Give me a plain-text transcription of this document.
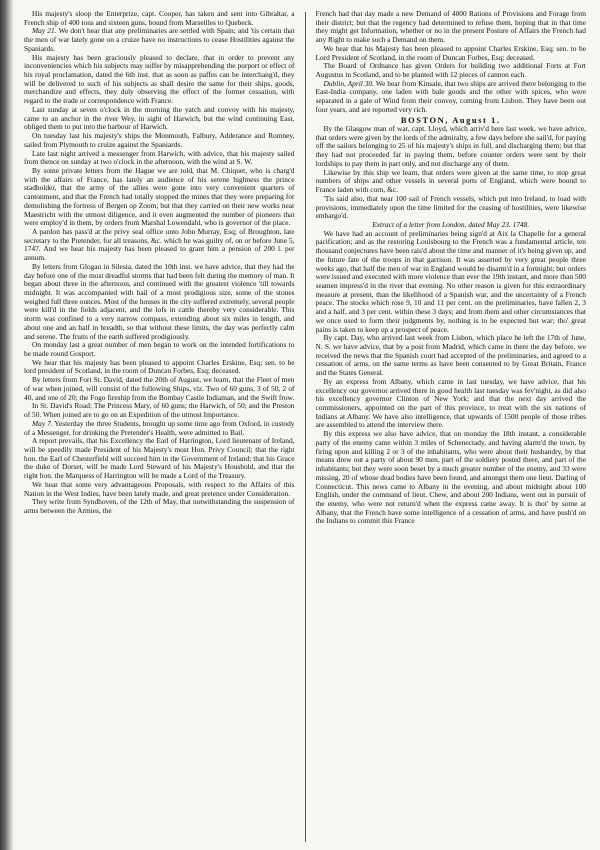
His majesty's sloop the Enterprize, capt. Cooper, has taken and sent into Gibraltar, a French ship of 400 tons and sixteen guns, bound from Marseilles to Quebeck.

May 21. We don't hear that any preliminaries are settled with Spain; and 'tis certain that the men of war lately gone on a cruize have no instructions to cease Hostilities against the Spaniards.

His majesty has been graciously pleased to declare, that in order to prevent any inconveniencies which his subjects may suffer by misapprehending the purport or effect of his royal proclamation, dated the 6th inst. that as soon as paffes can be interchang'd, they will be delivered to such of his subjects as shall desire the same for their ships, goods, merchandize and effects, they duly observing the effect of the former cessation, with regard to the trade or correspondence with France.

Last sunday at seven o'clock in the morning the yatch and convoy with his majesty, came to an anchor in the river Wey, in sight of Harwich, but the wind continuing East, obliged them to put into the harbour of Harwich.

On tuesday last his majesty's ships the Monmouth, Falbury, Adderance and Romney, sailed from Plymouth to cruize against the Spaniards.

Late last night arrived a messenger from Harwich, with advice, that his majesty sailed from thence on sunday at two o'clock in the afternoon, with the wind at S. W.

By some private letters from the Hague we are told, that M. Chiquet, who is charg'd with the affairs of France, has lately an audience of his serene highness the prince stadholder, that the army of the allies were gone into very convenient quarters of cantonment, and that the French had totally stopped the mines that they were preparing for demolishing the fortress of Bergen op Zoom; but that they carried on their new works near Maestricht with the utmost diligence, and it even augmented the number of pioneers that were employ'd in them, by orders from Marshal Lowendahl, who is governor of the place.

A pardon has pass'd at the privy seal office unto John Murray, Esq; of Broughton, late secretary to the Pretender, for all treasons, &c. which he was guilty of, on or before June 5, 1747. And we hear his majesty has been pleased to grant him a pension of 200 l. per annum.

By letters from Glogau in Silesia, dated the 10th inst. we have advice, that they had the day before one of the most dreadful storms that had been felt during the memory of man. It began about three in the afternoon, and continued with the greatest violence 'till towards midnight. It was accompanied with hail of a most prodigious size, some of the stones weighed full three ounces. Most of the houses in the city suffered extremely, several people were kill'd in the fields adjacent, and the lofs in cattle thereby very considerable. This storm was confined to a very narrow compass, extending about six miles in length, and about one and an half in breadth, so that without these limits, the day was perfectly calm and serene. The fruits of the earth suffered prodigiously.

On monday last a great number of men began to work on the intended fortifications to be made round Gosport.

We hear that his majesty has been pleased to appoint Charles Erskine, Esq; sen. to be lord president of Scotland, in the room of Duncan Forbes, Esq; deceased.

By letters from Fort St. David, dated the 20th of August, we learn, that the Fleet of men of war when joined, will consist of the following Ships, viz. Two of 60 guns, 3 of 50, 2 of 40, and one of 20; the Fogo fireship from the Bombay Castle Indiaman, and the Swift frow.

In St. David's Road; The Princess Mary, of 60 guns; the Harwich, of 50; and the Preston of 50. When joined are to go on an Expedition of the utmost Importance.

May 7. Yesterday the three Students, brought up some time ago from Oxford, in custody of a Messenger, for drinking the Pretender's Health, were admitted to Bail.

A report prevails, that his Excellency the Earl of Harrington, Lord lieutenant of Ireland, will be speedily made President of his Majesty's most Hon. Privy Council; that the right hon. the Earl of Chesterfield will succeed him in the Government of Ireland; that his Grace the duke of Dorset, will be made Lord Steward of his Majesty's Houshold, and that the right hon. the Marquess of Harrington will be made a Lord of the Treasury.

We hear that some very advantageous Proposals, with respect to the Affairs of this Nation in the West Indies, have been lately made, and great pretence under Consideration.

They write from Syndhoven, of the 12th of May, that notwithstanding the suspension of arms between the Armies, the

French had that day made a new Demand of 4000 Rations of Provisions and Forage from their district; but that the regency had determined to refuse them, hoping that in that time they might get Information, whether or no in the present Posture of Affairs the French had any Right to make such a Demand on them.

We hear that his Majesty has been pleased to appoint Charles Erskine, Esq; sen. to be Lord President of Scotland, in the room of Duncan Forbes, Esq; deceased.

The Board of Ordnance has given Orders for building two additional Forts at Fort Augustus in Scotland, and to be planted with 12 pieces of cannon each.

Dublin, April 30. We hear from Kinsale, that two ships are arrived there belonging to the East-India company, one laden with bale goods and the other with spices, who were separated in a gale of Wind from their convoy, coming from Lisbon. They have been out four years, and are reported very rich.

BOSTON, August 1.

By the Glasgow man of war, capt. Lloyd, which arriv'd here last week, we have advice, that orders were given by the lords of the admiralty, a few days before she sail'd, for paying off the sailors belonging to 25 of his majesty's ships in full, and discharging them; but that they had not proceeded far in paying them, before counter orders were sent by their lordships to pay them in part only, and not discharge any of them.

Likewise by this ship we learn, that orders were given at the same time, to stop great numbers of ships and other vessels in several ports of England, which were bound to France laden with corn, &c.

'Tis said also, that near 100 sail of French vessels, which put into Ireland, to load with provisions, immediately upon the time limited for the ceasing of hostilities, were likewise embargo'd.

Extract of a letter from London, dated May 23. 1748.

We have had an account of preliminaries being sign'd at Aix la Chapelle for a general pacification; and as the restoring Louisbourg to the French was a fundamental article, ten thousand conjectures have been rais'd about the time and manner of it's being given up, and the future fate of the troops in that garrison. It was asserted by very great people three weeks ago, that half the men of war in England would be disarm'd in a fortnight; but orders were issued and executed with more violence than ever the 19th instant, and more than 500 seamen impress'd in the river that evening. No other reason is given for this extraordinary measure at present, than the likelihood of a Spanish war, and the uncertainty of a French peace. The stocks which rose 9, 10 and 11 per cent. on the preliminaries, have fallen 2, 3 and a half, and 3 per cent. within these 3 days; and from them and other circumstances that we once used to form their judgments by, nothing is to be expected but war; tho' great pains is taken to keep up a prospect of peace.

By capt. Day, who arrived last week from Lisbon, which place he left the 17th of June, N. S. we have advice, that by a post from Madrid, which came in there the day before, we received the news that the Spanish court had accepted of the preliminaries, and agreed to a cessation of arms, on the same terms as have been consented to by Great Britain, France and the States General.

By an express from Albany, which came in last tuesday, we have advice, that his excellency our governor arrived there in good health last tuesday was fev'night, as did also his excellency governor Clinton of New York; and that the next day arrived the commissioners, appointed on the part of this province, to treat with the six nations of Indians at Albany. We have also intelligence, that upwards of 1500 people of those tribes are assembled to attend the interview there.

By this express we also have advice, that on monday the 18th instant, a considerable party of the enemy came within 3 miles of Schenectady, and having alarm'd the town, by firing upon and killing 2 or 3 of the inhabitants, who were about their husbandry, by that means drew out a party of about 90 men, part of the soldiery posted there, and part of the inhabitants; but they were soon beset by a much greater number of the enemy, and 33 were missing, 20 of whose dead bodies have been found, and amongst them one lieut. Darling of Connecticut. This news came to Albany in the evening, and about midnight about 100 English, under the command of lieut. Chew, and about 200 Indians, went out in pursuit of the enemy, who were not return'd when the express came away. It is thot' by some at Albany, that the French have some intelligence of a cessation of arms, and have push'd on the Indians to commit this France
